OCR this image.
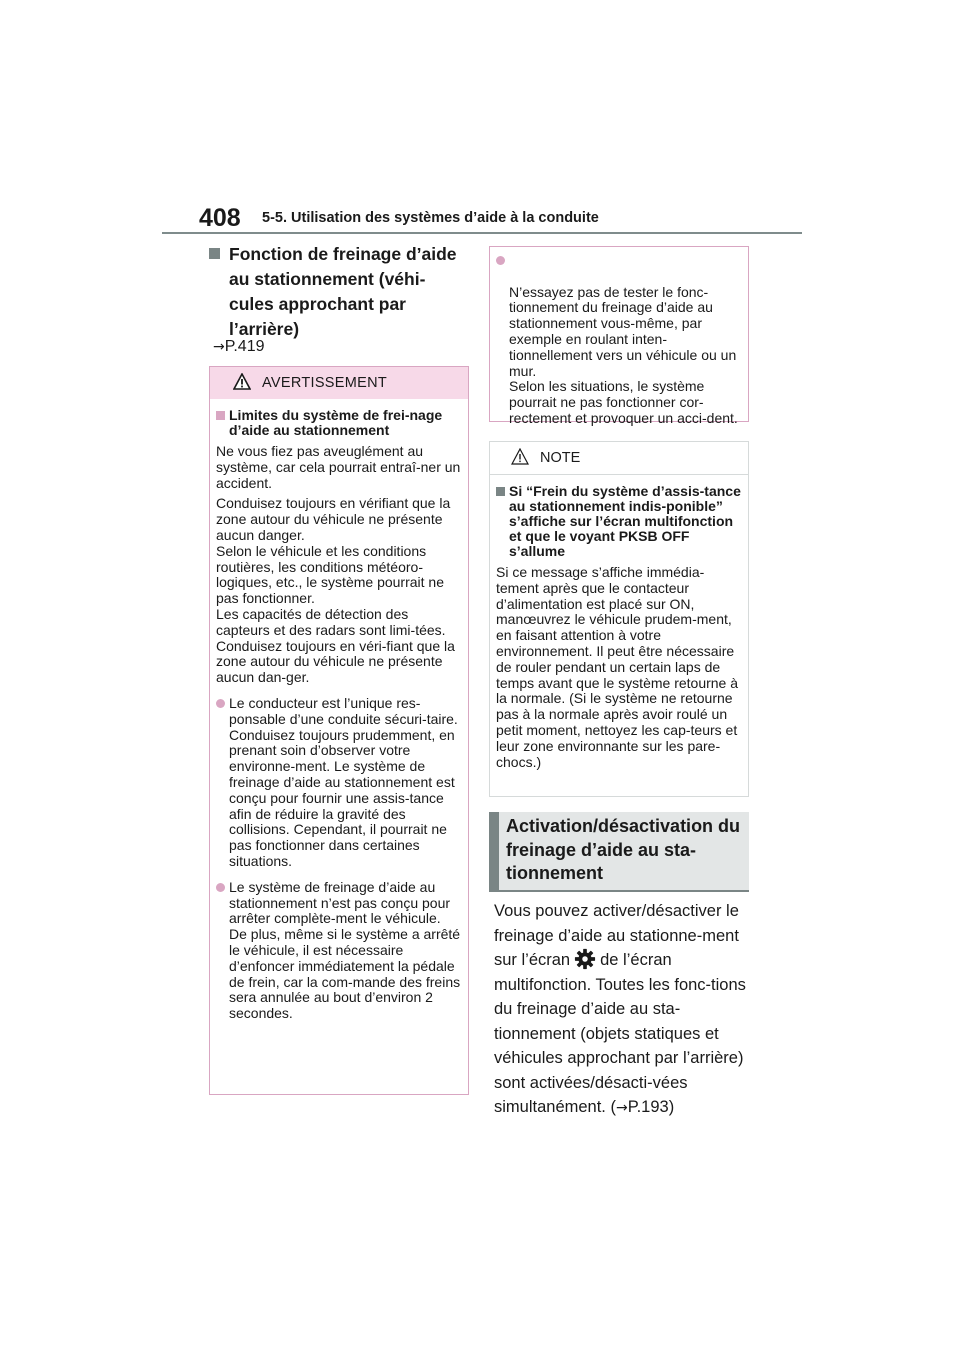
408 5-5. Utilisation des systèmes d’aide à la conduite
Fonction de freinage d’aide au stationnement (véhi-cules approchant par l’arrière)
→P.419
AVERTISSEMENT
Limites du système de frei-nage d’aide au stationnement
Ne vous fiez pas aveuglément au système, car cela pourrait entraî-ner un accident.
Conduisez toujours en vérifiant que la zone autour du véhicule ne présente aucun danger.
Selon le véhicule et les conditions routières, les conditions météoro-logiques, etc., le système pourrait ne pas fonctionner.
Les capacités de détection des capteurs et des radars sont limi-tées. Conduisez toujours en véri-fiant que la zone autour du véhicule ne présente aucun dan-ger.
Le conducteur est l’unique res-ponsable d’une conduite sécuri-taire. Conduisez toujours prudemment, en prenant soin d’observer votre environne-ment. Le système de freinage d’aide au stationnement est conçu pour fournir une assis-tance afin de réduire la gravité des collisions. Cependant, il pourrait ne pas fonctionner dans certaines situations.
Le système de freinage d’aide au stationnement n’est pas conçu pour arrêter complète-ment le véhicule. De plus, même si le système a arrêté le véhicule, il est nécessaire d’enfoncer immédiatement la pédale de frein, car la com-mande des freins sera annulée au bout d’environ 2 secondes.

N’essayez pas de tester le fonc-tionnement du freinage d’aide au stationnement vous-même, par exemple en roulant inten-tionnellement vers un véhicule ou un mur.
Selon les situations, le système pourrait ne pas fonctionner cor-rectement et provoquer un acci-dent.

NOTE
Si “Frein du système d’assis-tance au stationnement indis-ponible” s’affiche sur l’écran multifonction et que le voyant PKSB OFF s’allume
Si ce message s’affiche immédia-tement après que le contacteur d’alimentation est placé sur ON, manœuvrez le véhicule prudem-ment, en faisant attention à votre environnement. Il peut être nécessaire de rouler pendant un certain laps de temps avant que le système retourne à la normale. (Si le système ne retourne pas à la normale après avoir roulé un petit moment, nettoyez les cap-teurs et leur zone environnante sur les pare-chocs.)
Activation/désactivation du freinage d’aide au sta-tionnement
Vous pouvez activer/désactiver le freinage d’aide au stationne-ment sur l’écran de l’écran multifonction. Toutes les fonc-tions du freinage d’aide au sta-tionnement (objets statiques et véhicules approchant par l’arrière) sont activées/désacti-vées simultanément. (→P.193)
